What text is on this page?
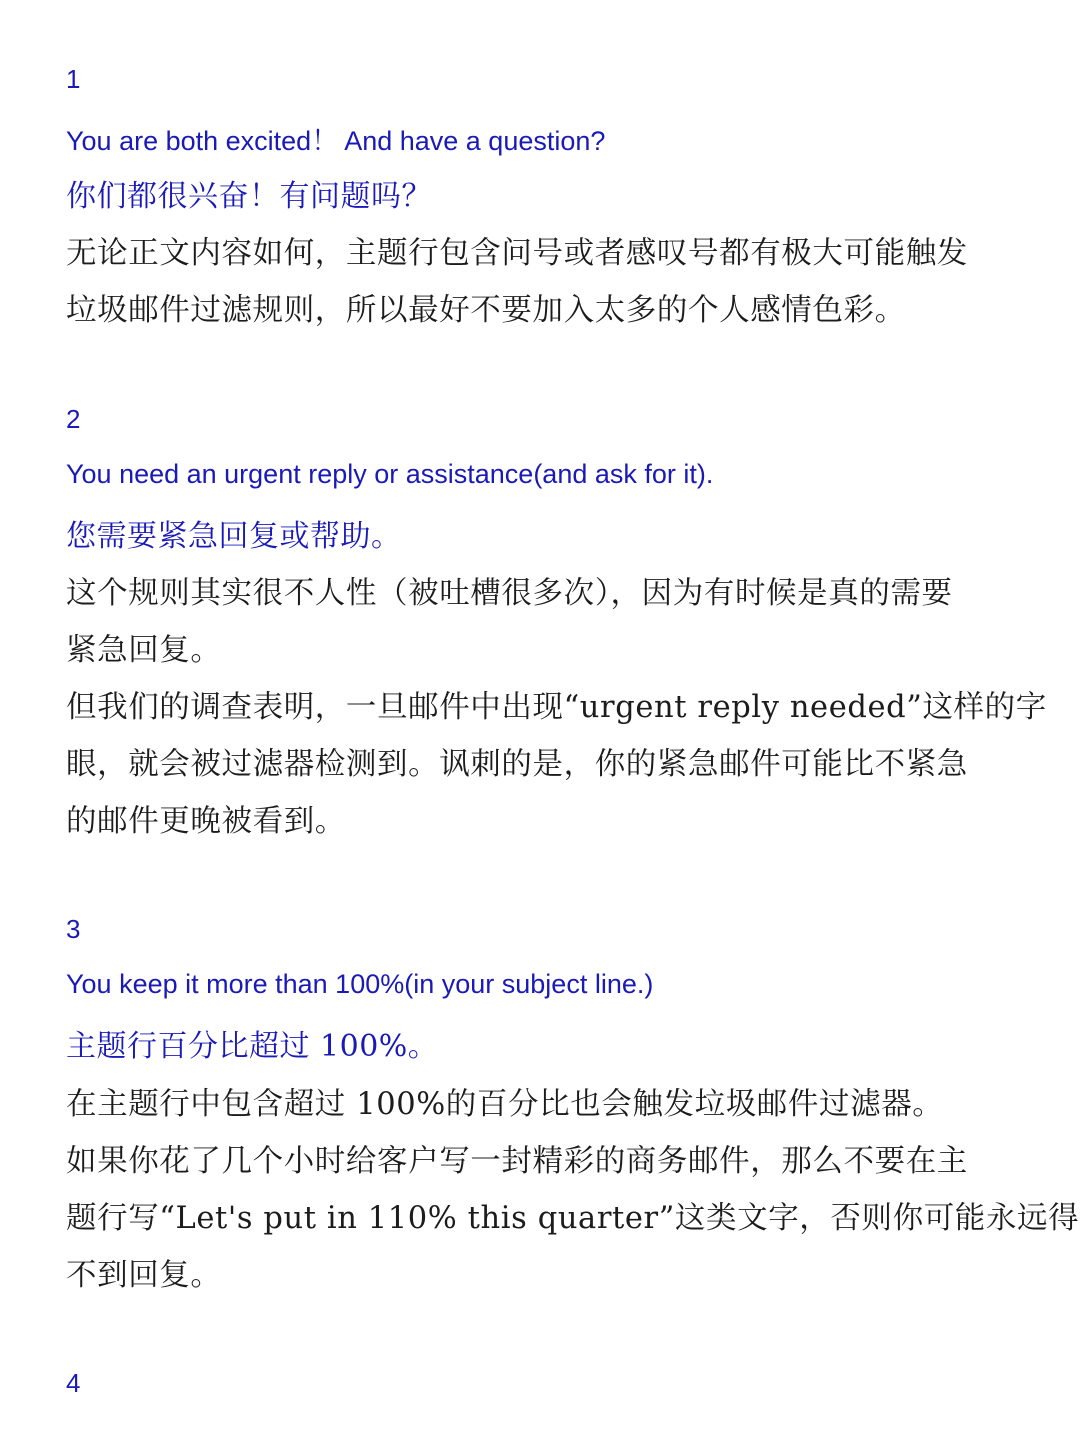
1
You are both excited！ And have a question?
你们都很兴奋！有问题吗？
无论正文内容如何，主题行包含问号或者感叹号都有极大可能触发
垃圾邮件过滤规则，所以最好不要加入太多的个人感情色彩。
2
You need an urgent reply or assistance(and ask for it).
您需要紧急回复或帮助。
这个规则其实很不人性（被吐槽很多次），因为有时候是真的需要
紧急回复。
但我们的调查表明，一旦邮件中出现“urgent reply needed”这样的字
眼，就会被过滤器检测到。讽刺的是，你的紧急邮件可能比不紧急
的邮件更晚被看到。
3
You keep it more than 100%(in your subject line.)
主题行百分比超过 100%。
在主题行中包含超过 100%的百分比也会触发垃圾邮件过滤器。
如果你花了几个小时给客户写一封精彩的商务邮件，那么不要在主
题行写“Let's put in 110% this quarter”这类文字，否则你可能永远得
不到回复。
4
